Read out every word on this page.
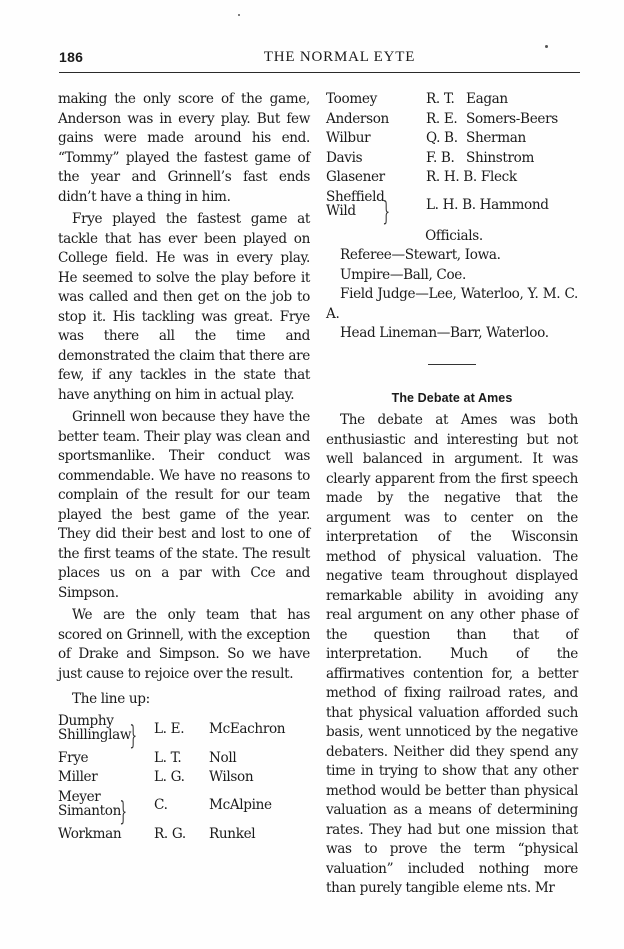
186	THE NORMAL EYTE

making the only score of the game, Anderson was in every play. But few gains were made around his end. “Tommy” played the fastest game of the year and Grinnell’s fast ends didn’t have a thing in him.

Frye played the fastest game at tackle that has ever been played on College field. He was in every play. He seemed to solve the play before it was called and then get on the job to stop it. His tackling was great. Frye was there all the time and demonstrated the claim that there are few, if any tackles in the state that have anything on him in actual play.

Grinnell won because they have the better team. Their play was clean and sportsmanlike. Their conduct was commendable. We have no reasons to complain of the result for our team played the best game of the year. They did their best and lost to one of the first teams of the state. The result places us on a par with Cce and Simpson.

We are the only team that has scored on Grinnell, with the exception of Drake and Simpson. So we have just cause to rejoice over the result.

The line up:

Dumphy
Shillinglaw}	L. E.	McEachron
Frye	L. T.	Noll
Miller	L. G.	Wilson
Meyer
Simanton}	C.	McAlpine
Workman	R. G.	Runkel
Toomey	R. T.	Eagan
Anderson	R. E.	Somers-Beers
Wilbur	Q. B.	Sherman
Davis	F. B.	Shinstrom
Glasener	R. H. B. Fleck	
Sheffield
Wild }	L. H. B. Hammond	

Officials.

Referee—Stewart, Iowa.

Umpire—Ball, Coe.

Field Judge—Lee, Waterloo, Y. M. C. A.

Head Lineman—Barr, Waterloo.

The Debate at Ames

The debate at Ames was both enthusiastic and interesting but not well balanced in argument. It was clearly apparent from the first speech made by the negative that the argument was to center on the interpretation of the Wisconsin method of physical valuation. The negative team throughout displayed remarkable ability in avoiding any real argument on any other phase of the question than that of interpretation. Much of the affirmatives contention for, a better method of fixing railroad rates, and that physical valuation afforded such basis, went unnoticed by the negative debaters. Neither did they spend any time in trying to show that any other method would be better than physical valuation as a means of determining rates. They had but one mission that was to prove the term “physical valuation” included nothing more than purely tangible eleme nts. Mr
